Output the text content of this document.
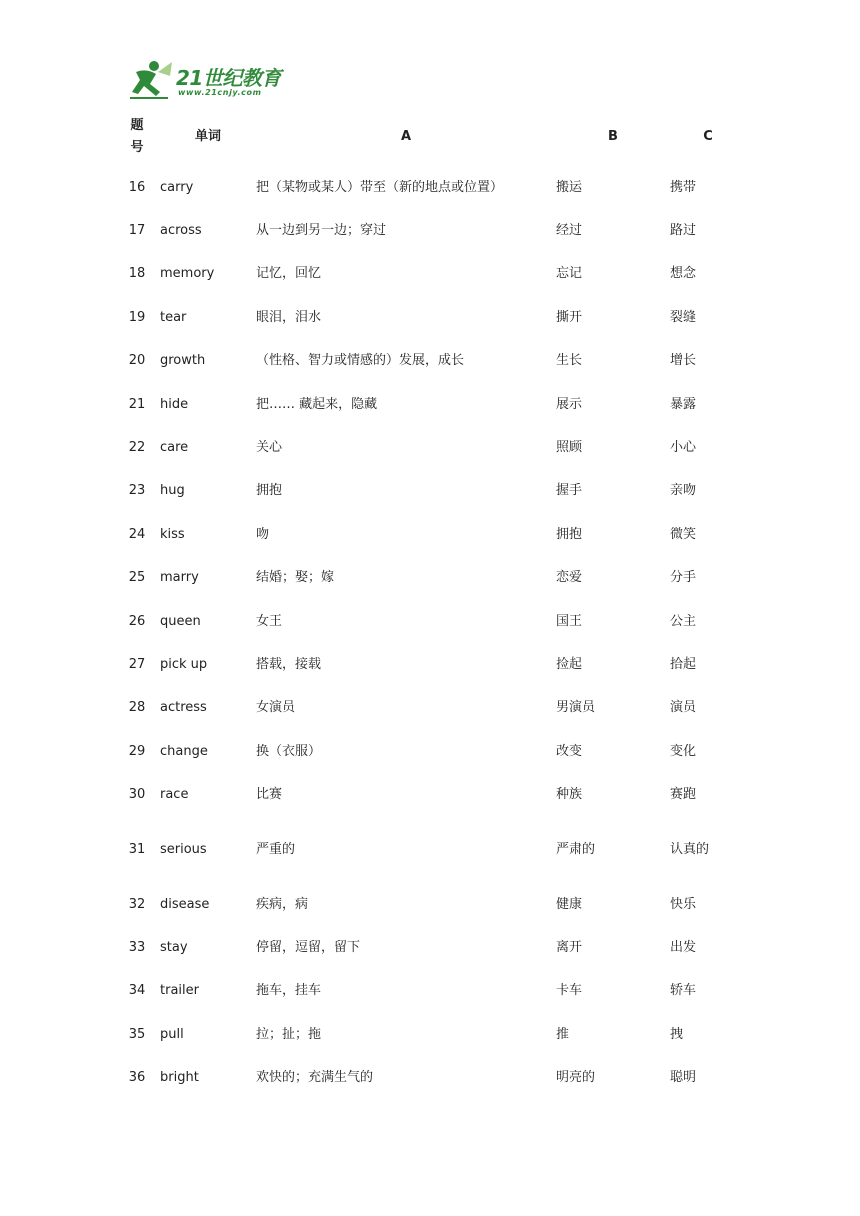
21世纪教育
www.21cnjy.com
题号	单词	A	B	C
16	carry	把（某物或某人）带至（新的地点或位置）	搬运	携带
17	across	从一边到另一边；穿过	经过	路过
18	memory	记忆，回忆	忘记	想念
19	tear	眼泪，泪水	撕开	裂缝
20	growth	（性格、智力或情感的）发展，成长	生长	增长
21	hide	把…… 藏起来，隐藏	展示	暴露
22	care	关心	照顾	小心
23	hug	拥抱	握手	亲吻
24	kiss	吻	拥抱	微笑
25	marry	结婚；娶；嫁	恋爱	分手
26	queen	女王	国王	公主
27	pick up	搭载，接载	捡起	拾起
28	actress	女演员	男演员	演员
29	change	换（衣服）	改变	变化
30	race	比赛	种族	赛跑
31	serious	严重的	严肃的	认真的
32	disease	疾病，病	健康	快乐
33	stay	停留，逗留，留下	离开	出发
34	trailer	拖车，挂车	卡车	轿车
35	pull	拉；扯；拖	推	拽
36	bright	欢快的；充满生气的	明亮的	聪明
